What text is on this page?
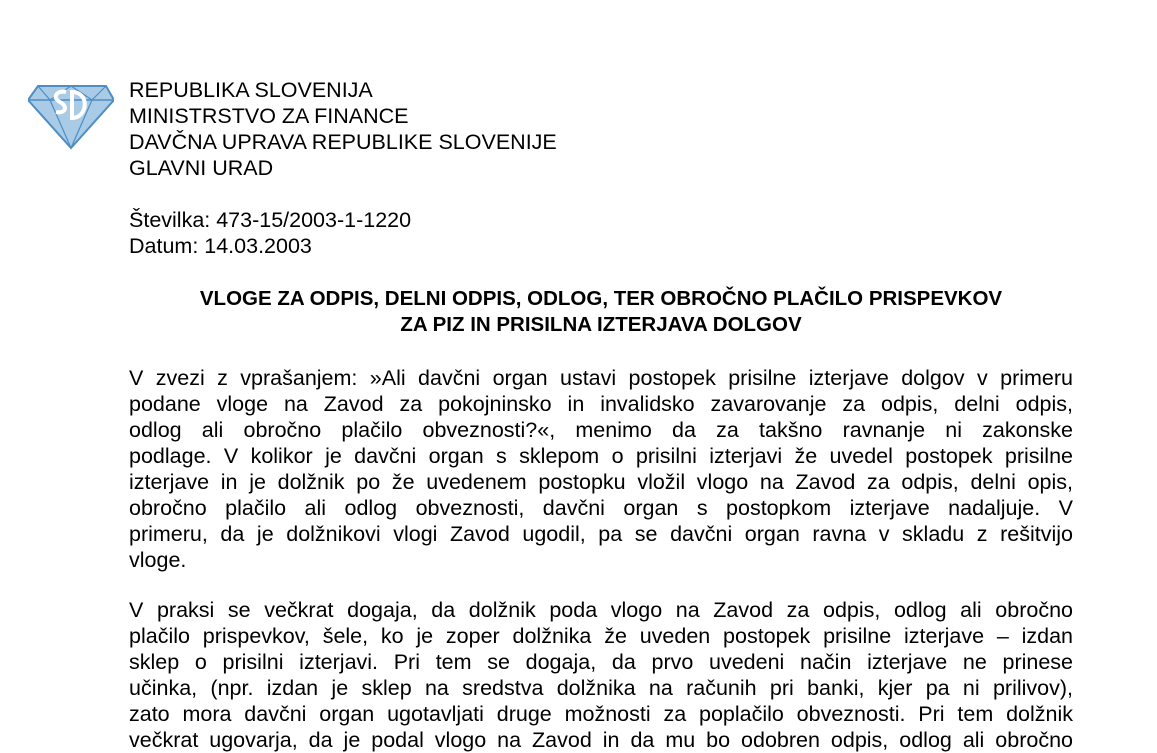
REPUBLIKA SLOVENIJA
MINISTRSTVO ZA FINANCE
DAVČNA UPRAVA REPUBLIKE SLOVENIJE
GLAVNI URAD
Številka: 473-15/2003-1-1220
Datum: 14.03.2003
VLOGE ZA ODPIS, DELNI ODPIS, ODLOG, TER OBROČNO PLAČILO PRISPEVKOV
ZA PIZ IN PRISILNA IZTERJAVA DOLGOV
V zvezi z vprašanjem: »Ali davčni organ ustavi postopek prisilne izterjave dolgov v primeru
podane vloge na Zavod za pokojninsko in invalidsko zavarovanje za odpis, delni odpis,
odlog ali obročno plačilo obveznosti?«, menimo da za takšno ravnanje ni zakonske
podlage. V kolikor je davčni organ s sklepom o prisilni izterjavi že uvedel postopek prisilne
izterjave in je dolžnik po že uvedenem postopku vložil vlogo na Zavod za odpis, delni opis,
obročno plačilo ali odlog obveznosti, davčni organ s postopkom izterjave nadaljuje. V
primeru, da je dolžnikovi vlogi Zavod ugodil, pa se davčni organ ravna v skladu z rešitvijo
vloge.
V praksi se večkrat dogaja, da dolžnik poda vlogo na Zavod za odpis, odlog ali obročno
plačilo prispevkov, šele, ko je zoper dolžnika že uveden postopek prisilne izterjave – izdan
sklep o prisilni izterjavi. Pri tem se dogaja, da prvo uvedeni način izterjave ne prinese
učinka, (npr. izdan je sklep na sredstva dolžnika na računih pri banki, kjer pa ni prilivov),
zato mora davčni organ ugotavljati druge možnosti za poplačilo obveznosti. Pri tem dolžnik
večkrat ugovarja, da je podal vlogo na Zavod in da mu bo odobren odpis, odlog ali obročno
